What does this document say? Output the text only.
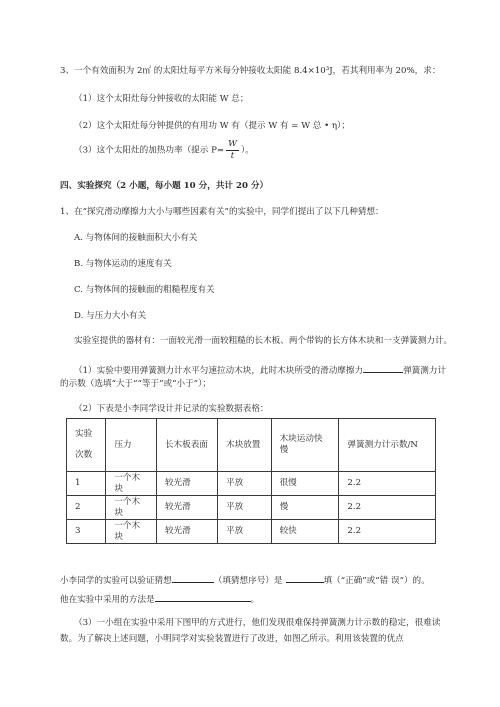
3、一个有效面积为 2㎡ 的太阳灶每平方米每分钟接收太阳能 8.4×10³J，若其利用率为 20%，求：
（1）这个太阳灶每分钟接收的太阳能 W 总；
（2）这个太阳灶每分钟提供的有用功 W 有（提示 W 有 = W 总 • η）；
（3）这个太阳灶的加热功率（提示 $P= \frac{W}{t}$ ）。
四、实验探究（2 小题，每小题 10 分，共计 20 分）
1、在“探究滑动摩擦力大小与哪些因素有关”的实验中，同学们提出了以下几种猜想：
A. 与物体间的接触面积大小有关
B. 与物体运动的速度有关
C. 与物体间的接触面的粗糙程度有关
D. 与压力大小有关
实验室提供的器材有：一面较光滑一面较粗糙的长木板、两个带钩的长方体木块和一支弹簧测力计。
（1）实验中要用弹簧测力计水平匀速拉动木块，此时木块所受的滑动摩擦力	弹簧测力计
的示数（选填“大于”“等于”或“小于”）；
（2）下表是小李同学设计并记录的实验数据表格：
实验
次数	压力	长木板表面	木块放置	木块运动快慢	弹簧测力计示数/N
1	一个木块	较光滑	平放	很慢	2.2
2	一个木块	较光滑	平放	慢	2.2
3	一个木块	较光滑	平放	较快	2.2
小李同学的实验可以验证猜想	（填猜想序号）是	填（“正确”或“错 误”）的。
他在实验中采用的方法是	。
（3）一小组在实验中采用下图甲的方式进行，他们发现很难保持弹簧测力计示数的稳定，很难读
数。为了解决上述问题，小明同学对实验装置进行了改进，如图乙所示。利用该装置的优点
